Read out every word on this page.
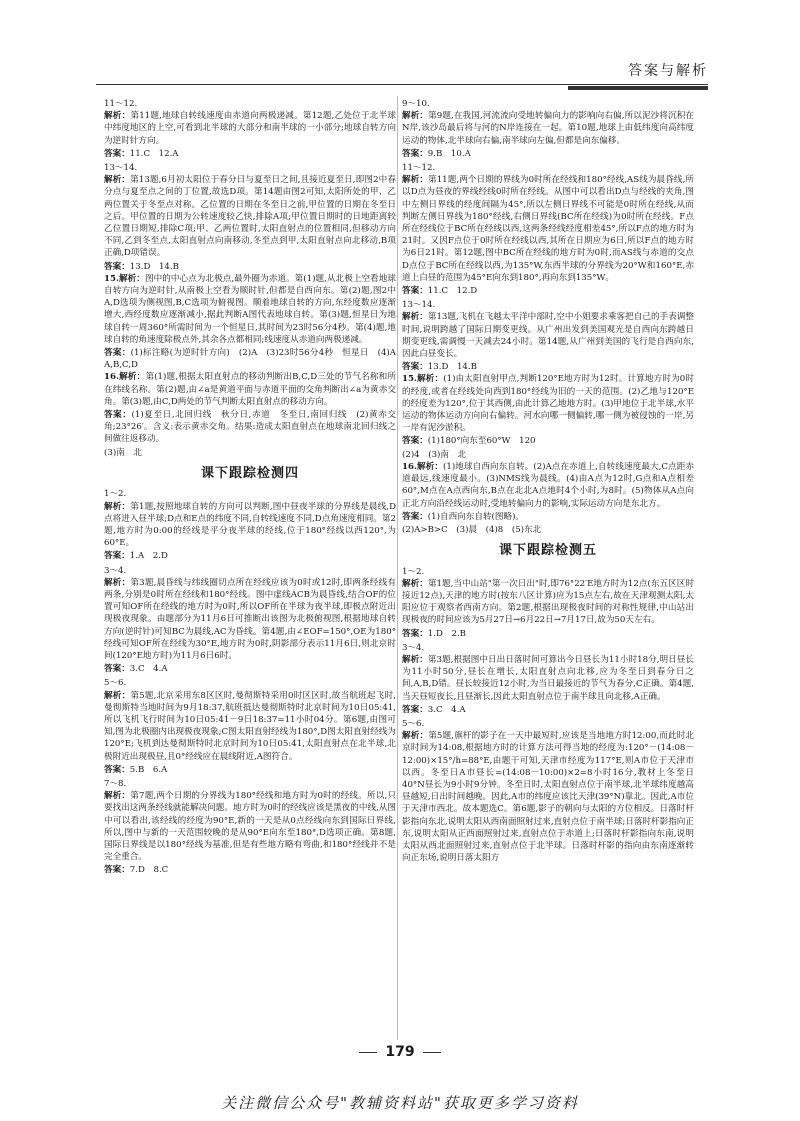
答案与解析

11～12.

解析：第11题,地球自转线速度由赤道向两极递减。第12题,乙处位于北半球中纬度地区的上空,可看到北半球的大部分和南半球的一小部分;地球自转方向为逆时针方向。

答案：11.C　12.A

13～14.

解析：第13题,6月初太阳位于春分日与夏至日之间,且接近夏至日,即图2中春分点与夏至点之间的丁位置,故选D项。第14题由图2可知,太阳所处的甲、乙两位置关于冬至点对称。乙位置的日期在冬至日之前,甲位置的日期在冬至日之后。甲位置的日期为公转速度较乙快,排除A项;甲位置日期时的日地距离较乙位置日期短,排除C项;甲、乙两位置时,太阳直射点的位置相同,但移动方向不同,乙到冬至点,太阳直射点向南移动,冬至点到甲,太阳直射点向北移动,B项正确,D项错误。

答案：13.D　14.B

15.解析：图中的中心点为北极点,最外圈为赤道。第(1)题,从北极上空看地球自转方向为逆时针,从南极上空看为顺时针,但都是自西向东。第(2)题,图2中A,D选项为侧视图,B,C选项为俯视图。顺着地球自转的方向,东经度数应逐渐增大,西经度数应逐渐减小,据此判断A图代表地球自转。第(3)题,恒星日为地球自转一周360°所需时间为一个恒星日,其时间为23时56分4秒。第(4)题,地球自转的角速度除极点外,其余各点都相同;线速度从赤道向两极递减。

答案：(1)标注略(为逆时针方向)　(2)A　(3)23时56分4秒　恒星日　(4)A　A,B,C,D

16.解析：第(1)题,根据太阳直射点的移动判断出B,C,D三处的节气名称和所在纬线名称。第(2)题,由∠a是黄道平面与赤道平面的交角判断出∠a为黄赤交角。第(3)题,由C,D两处的节气判断太阳直射点的移动方向。

答案：(1)夏至日,北回归线　秋分日,赤道　冬至日,南回归线　(2)黄赤交角;23°26′。含义:表示黄赤交角。结果:造成太阳直射点在地球南北回归线之间做往返移动。

(3)南　北

课下跟踪检测四

1～2.

解析：第1题,按照地球自转的方向可以判断,图中昼夜半球的分界线是晨线,D点将进入昼半球;D点和E点的纬度不同,自转线速度不同,D点角速度相同。第2题,地方时为0:00的经线是平分夜半球的经线,位于180°经线以西120°,为60°E。

答案：1.A　2.D

3～4.

解析：第3题,晨昏线与纬线圈切点所在经线应该为0时或12时,即两条经线有两条,分别是0时所在经线和180°经线。图中虚线ACB为晨昏线,结合OF的位置可知OF所在经线的地方时为0时,所以OF所在半球为夜半球,即极点附近出现极夜现象。由题部分为11月6日可推断出该图为北极俯视图,根据地球自转方向(逆时针)可知BC为晨线,AC为昏线。第4题,由∠EOF=150°,OE为180°经线可知OF所在经线为30°E,地方时为0时,阴影部分表示11月6日,则北京时间(120°E地方时)为11月6日6时。

答案：3.C　4.A

5～6.

解析：第5题,北京采用东8区区时,曼彻斯特采用0时区区时,故当航班起飞时,曼彻斯特当地时间为9月18:37,航班抵达曼彻斯特时北京时间为10日05:41,所以飞机飞行时间为10日05:41－9日18:37=11小时04分。第6题,由图可知,图为北极圈内出现极夜现象;C图太阳直射经线为180°,D图太阳直射经线为120°E;飞机到达曼彻斯特时北京时间为10日05:41,太阳直射点在北半球,北极附近出现极昼,且0°经线应在晨线附近,A图符合。

答案：5.B　6.A

7～8.

解析：第7题,两个日期的分界线为180°经线和地方时为0时的经线。所以,只要找出这两条经线就能解决问题。地方时为0时的经线应该是黑夜的中线,从图中可以看出,该经线的经度为90°E,新的一天是从0点经线向东到国际日界线,所以,图中与新的一天范围较晚的是从90°E向东至180°,D选项正确。第8题,国际日界线是以180°经线为基准,但是有些地方略有弯曲,和180°经线并不是完全重合。

答案：7.D　8.C

9～10.

解析：第9题,在我国,河流流向受地转偏向力的影响向右偏,所以泥沙将沉积在N岸,该沙岛最后将与河的N岸连接在一起。第10题,地球上由低纬度向高纬度运动的物体,北半球向右偏,南半球向左偏,但都是向东偏移。

答案：9.B　10.A

11～12.

解析：第11题,两个日期的界线为0时所在经线和180°经线,AS线为晨昏线,所以D点为昼夜的界线经线0时所在经线。从图中可以看出D点与经线的夹角,图中左侧日界线的经度间隔为45°,所以左侧日界线不可能是0时所在经线,从而判断左侧日界线为180°经线,右侧日界线(BC所在经线)为0时所在经线。F点所在经线位于BC所在经线以西,这两条经线经度相差45°,所以F点的地方时为21时。又因F点位于0时所在经线以西,其所在日期应为6日,所以F点的地方时为6日21时。第12题,图中BC所在经线的地方时为0时,而AS线与赤道的交点D点位于BC所在经线以西,为135°W,东西半球的分界线为20°W和160°E,赤道上白昼的范围为45°E向东到180°,再向东到135°W。

答案：11.C　12.D

13～14.

解析：第13题,飞机在飞越太平洋中部时,空中小姐要求乘客把自己的手表调整时间,说明跨越了国际日期变更线。从广州出发到美国观光是自西向东跨越日期变更线,需调慢一天减去24小时。第14题,从广州到美国的飞行是自西向东,因此白昼变长。

答案：13.D　14.B

15.解析：(1)由太阳直射甲点,判断120°E地方时为12时。计算地方时为0时的经度,或者在经线处向西到180°经线为旧的一天的范围。(2)乙地与120°E的经度差为120°,位于其西侧,由此计算乙地地方时。(3)甲地位于北半球,水平运动的物体运动方向向右偏转。河水向哪一侧偏转,哪一侧为被侵蚀的一岸,另一岸有泥沙淤积。

答案：(1)180°向东至60°W　120

(2)4　(3)南　北

16.解析：(1)地球自西向东自转。(2)A点在赤道上,自转线速度最大,C点距赤道最远,线速度最小。(3)NMS线为晨线。(4)由A点为12时,G点和A点相差60°,M点在A点西向东,B点在北北A点地时4个小时,为8时。(5)物体从A点向正北方向沿经线运动时,受地转偏向力的影响,实际运动方向是东北方。

答案：(1)自西向东自转(图略)。

(2)A>B>C　(3)晨　(4)8　(5)东北

课下跟踪检测五

1～2.

解析：第1题,当中山站"第一次日出"时,即76°22′E地方时为12点(东五区区时接近12点),天津的地方时(按东八区计算)应为15点左右,故在天津观测太阳,太阳应位于观察者西南方向。第2题,根据出现极夜时间的对称性规律,中山站出现极夜的时间应该为5月27日→6月22日→7月17日,故为50天左右。

答案：1.D　2.B

3～4.

解析：第3题,根据图中日出日落时间可算出今日昼长为11小时18分,明日昼长为11小时50分,昼长在增长,太阳直射点向北移,应为冬至日到春分日之间,A,B,D错。昼长较接近12小时,为当日最接近的节气为春分,C正确。第4题,当天昼短夜长,且昼渐长,因此太阳直射点位于南半球且向北移,A正确。

答案：3.C　4.A

5～6.

解析：第5题,旗杆的影子在一天中最短时,应该是当地地方时12:00,而此时北京时间为14:08,根据地方时的计算方法可得当地的经度为:120°－(14:08－12:00)×15°/h=88°E,由题干可知,天津市经度为117°E,则A市位于天津市以西。冬至日A市昼长=(14:08－10:00)×2=8小时16分,教材上冬至日40°N昼长为9小时9分钟。冬至日时,太阳直射点位于南半球,北半球纬度越高昼越短,日出时间越晚。因此,A市的纬度应该比天津(39°N)靠北。因此,A市位于天津市西北。故本题选C。第6题,影子的朝向与太阳的方位相反。日落时杆影指向东北,说明太阳从西南面照射过来,直射点位于南半球;日落时杆影指向正东,说明太阳从正西面照射过来,直射点位于赤道上;日落时杆影指向东南,说明太阳从西北面照射过来,直射点位于北半球。日落时杆影的指向由东南逐渐转向正东场,说明日落太阳方

179
关注微信公众号"教辅资料站"获取更多学习资料
